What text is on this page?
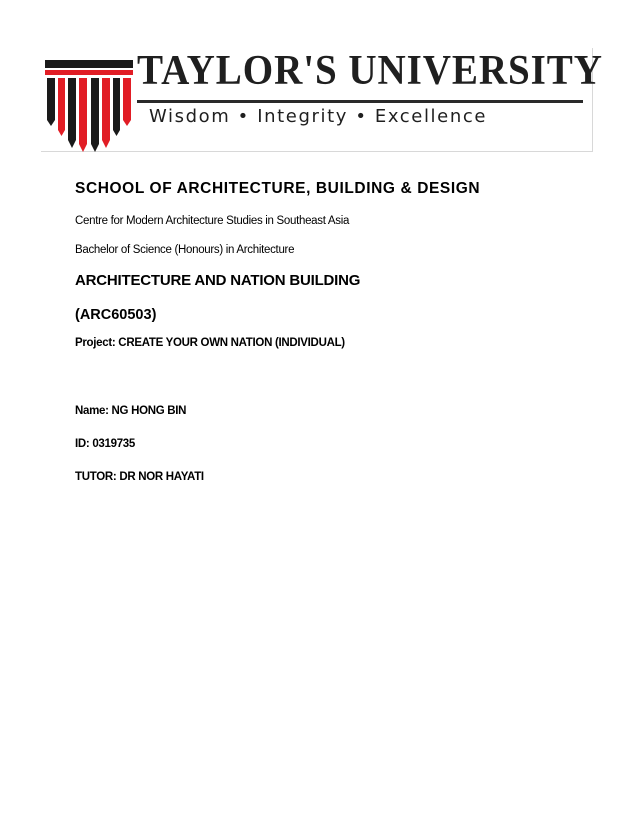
TAYLOR'S UNIVERSITY
Wisdom • Integrity • Excellence
SCHOOL OF ARCHITECTURE, BUILDING & DESIGN
Centre for Modern Architecture Studies in Southeast Asia
Bachelor of Science (Honours) in Architecture
ARCHITECTURE AND NATION BUILDING
(ARC60503)
Project: CREATE YOUR OWN NATION (INDIVIDUAL)
Name: NG HONG BIN
ID: 0319735
TUTOR: DR NOR HAYATI
